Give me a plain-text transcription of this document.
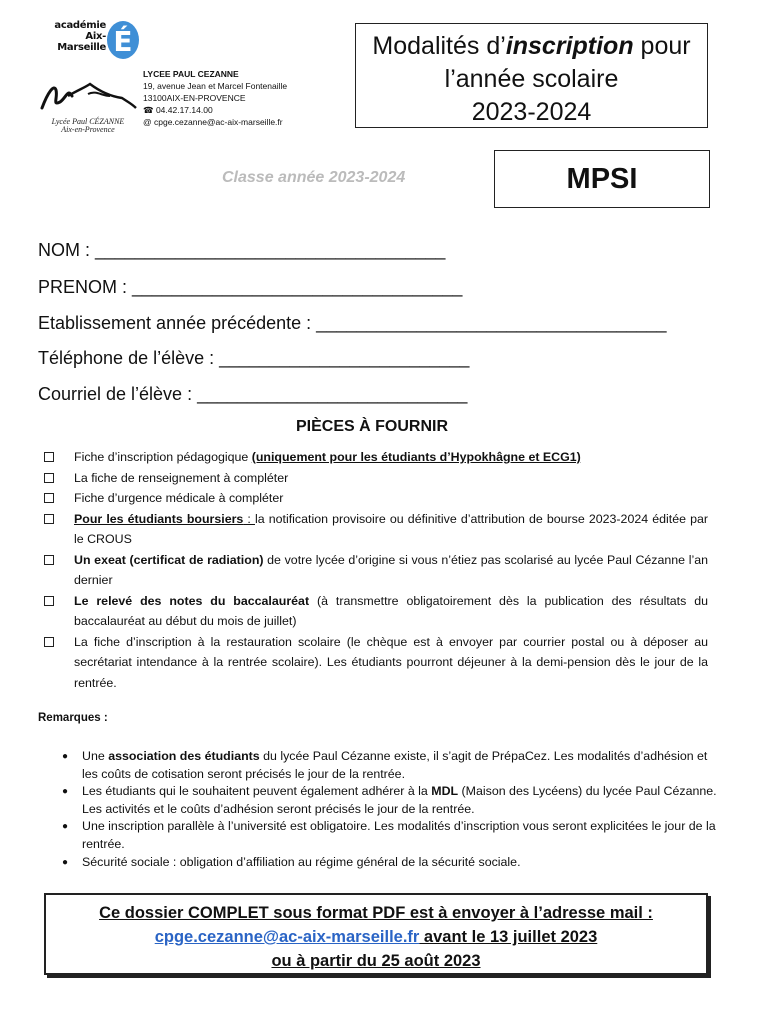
académie
Aix-Marseille É
Lycée Paul CÉZANNE
Aix-en-Provence
LYCEE PAUL CEZANNE
19, avenue Jean et Marcel Fontenaille
13100AIX-EN-PROVENCE
☎ 04.42.17.14.00
@ cpge.cezanne@ac-aix-marseille.fr
Modalités d’inscription pour
l’année scolaire
2023-2024
Classe année 2023-2024	MPSI
NOM : ___________________________________
PRENOM : _________________________________
Etablissement année précédente : ___________________________________
Téléphone de l’élève : _________________________
Courriel de l’élève : ___________________________
PIÈCES À FOURNIR
Fiche d’inscription pédagogique (uniquement pour les étudiants d’Hypokhâgne et ECG1)
La fiche de renseignement à compléter
Fiche d’urgence médicale à compléter
Pour les étudiants boursiers : la notification provisoire ou définitive d’attribution de bourse 2023-2024 éditée par le CROUS
Un exeat (certificat de radiation) de votre lycée d’origine si vous n’étiez pas scolarisé au lycée Paul Cézanne l’an dernier
Le relevé des notes du baccalauréat (à transmettre obligatoirement dès la publication des résultats du baccalauréat au début du mois de juillet)
La fiche d’inscription à la restauration scolaire (le chèque est à envoyer par courrier postal ou à déposer au secrétariat intendance à la rentrée scolaire). Les étudiants pourront déjeuner à la demi-pension dès le jour de la rentrée.
Remarques :
●	Une association des étudiants du lycée Paul Cézanne existe, il s’agit de PrépaCez. Les modalités d’adhésion et les coûts de cotisation seront précisés le jour de la rentrée.
●	Les étudiants qui le souhaitent peuvent également adhérer à la MDL (Maison des Lycéens) du lycée Paul Cézanne. Les activités et le coûts d’adhésion seront précisés le jour de la rentrée.
●	Une inscription parallèle à l’université est obligatoire. Les modalités d’inscription vous seront explicitées le jour de la rentrée.
●	Sécurité sociale : obligation d’affiliation au régime général de la sécurité sociale.
Ce dossier COMPLET sous format PDF est à envoyer à l’adresse mail :
cpge.cezanne@ac-aix-marseille.fr avant le 13 juillet 2023
ou à partir du 25 août 2023
